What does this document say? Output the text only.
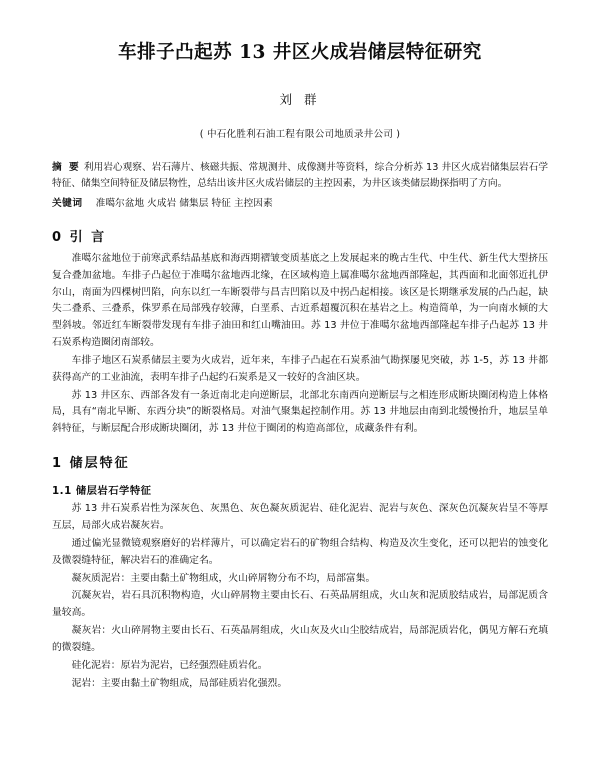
车排子凸起苏 13 井区火成岩储层特征研究
刘 群
( 中石化胜利石油工程有限公司地质录井公司 )
摘 要 利用岩心观察、岩石薄片、核磁共振、常规测井、成像测井等资料，综合分析苏 13 井区火成岩储集层岩石学特征、储集空间特征及储层物性，总结出该井区火成岩储层的主控因素，为井区该类储层勘探指明了方向。
关键词 准噶尔盆地 火成岩 储集层 特征 主控因素
0 引 言

准噶尔盆地位于前寒武系结晶基底和海西期褶皱变质基底之上发展起来的晚古生代、中生代、新生代大型挤压复合叠加盆地。车排子凸起位于准噶尔盆地西北缘，在区域构造上属准噶尔盆地西部隆起，其西面和北面邻近扎伊尔山，南面为四棵树凹陷，向东以红一车断裂带与昌吉凹陷以及中拐凸起相接。该区是长期继承发展的凸凸起，缺失二叠系、三叠系，侏罗系在局部残存较薄，白垩系、古近系超覆沉积在基岩之上。构造简单，为一向南水倾的大型斜坡。邻近红车断裂带发现有车排子油田和红山嘴油田。苏 13 井位于准噶尔盆地西部隆起车排子凸起苏 13 井石炭系构造圈闭南部较。

车排子地区石炭系储层主要为火成岩，近年来，车排子凸起在石炭系油气勘探屡见突破，苏 1-5，苏 13 井都获得高产的工业油流，表明车排子凸起约石炭系是又一较好的含油区块。

苏 13 井区东、西部各发有一条近南北走向逆断层，北部北东南西向逆断层与之相连形成断块圈闭构造上体格局，具有“南北早断、东西分块”的断裂格局。对油气聚集起控制作用。苏 13 井地层由南到北缓慢抬升，地层呈单斜特征，与断层配合形成断块圈闭，苏 13 井位于圈闭的构造高部位，成藏条件有利。

1 储层特征
1.1 储层岩石学特征

苏 13 井石炭系岩性为深灰色、灰黑色、灰色凝灰质泥岩、硅化泥岩、泥岩与灰色、深灰色沉凝灰岩呈不等厚互层，局部火成岩凝灰岩。

通过偏光显微镜观察磨好的岩样薄片，可以确定岩石的矿物组合结构、构造及次生变化，还可以把岩的蚀变化及微裂缝特征，解决岩石的准确定名。

凝灰质泥岩：主要由黏土矿物组成，火山碎屑物分布不均，局部富集。

沉凝灰岩，岩石具沉积物构造，火山碎屑物主要由长石、石英晶屑组成，火山灰和泥质胶结成岩，局部泥质含量较高。

凝灰岩：火山碎屑物主要由长石、石英晶屑组成，火山灰及火山尘胶结成岩，局部泥质岩化，偶见方解石充填的微裂缝。

硅化泥岩：原岩为泥岩，已经强烈硅质岩化。

泥岩：主要由黏土矿物组成，局部硅质岩化强烈。
